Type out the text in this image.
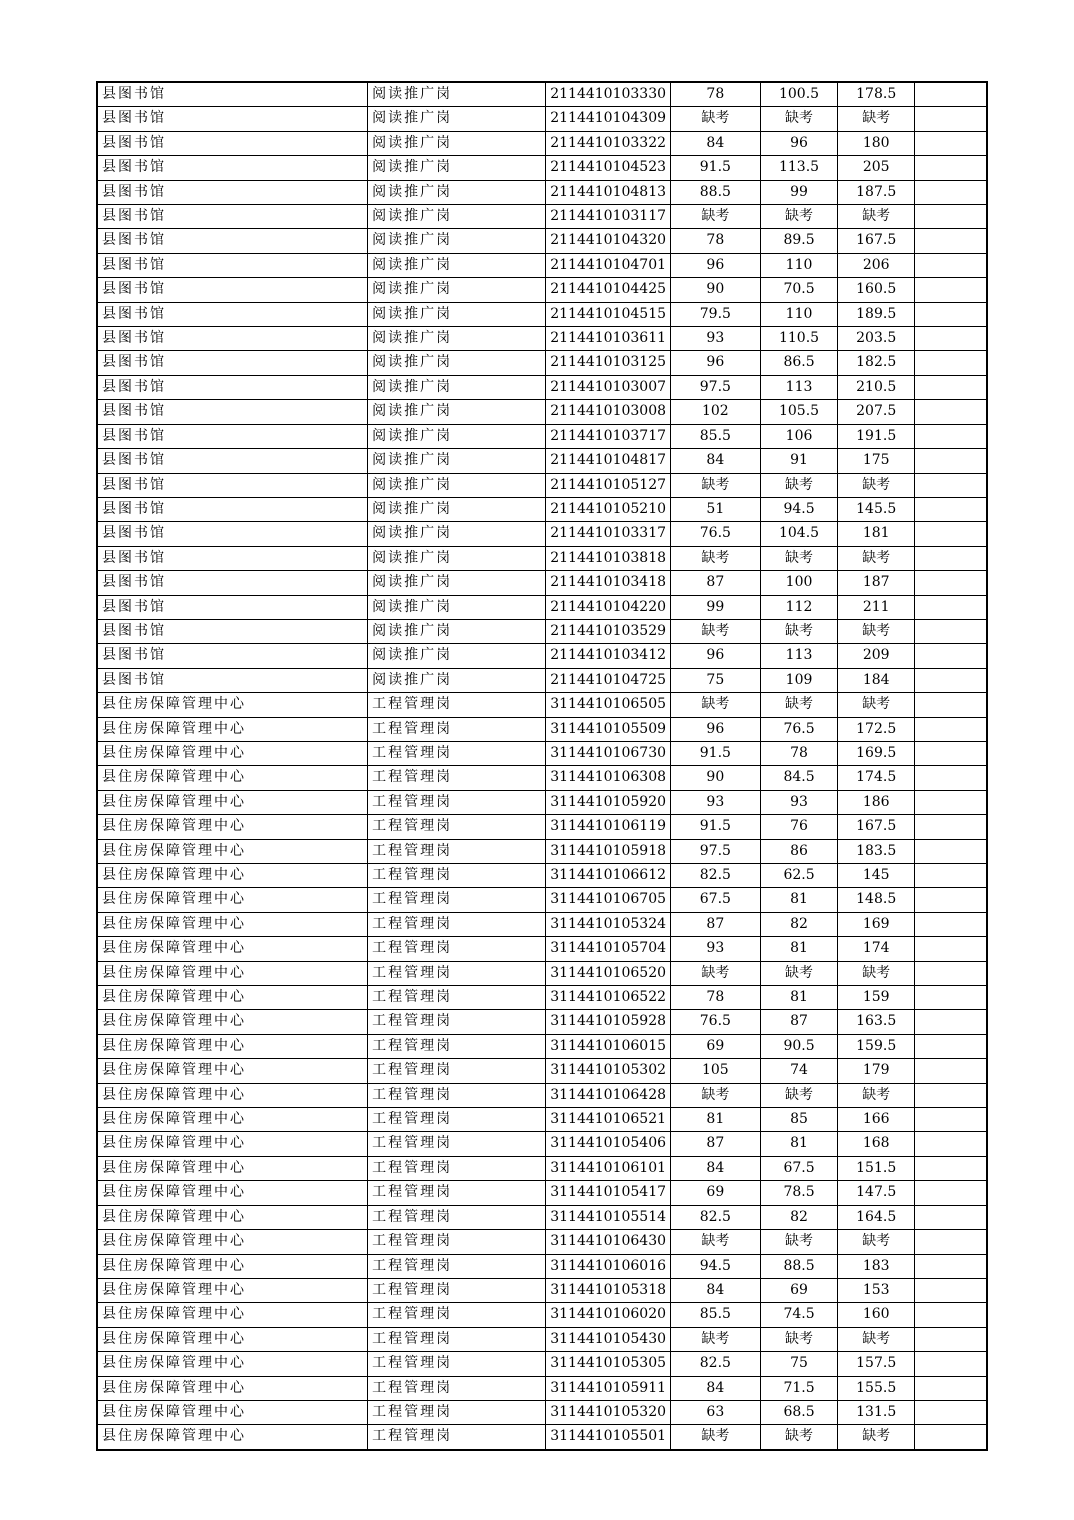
县图书馆	阅读推广岗	2114410103330	78	100.5	178.5	
县图书馆	阅读推广岗	2114410104309	缺考	缺考	缺考	
县图书馆	阅读推广岗	2114410103322	84	96	180	
县图书馆	阅读推广岗	2114410104523	91.5	113.5	205	
县图书馆	阅读推广岗	2114410104813	88.5	99	187.5	
县图书馆	阅读推广岗	2114410103117	缺考	缺考	缺考	
县图书馆	阅读推广岗	2114410104320	78	89.5	167.5	
县图书馆	阅读推广岗	2114410104701	96	110	206	
县图书馆	阅读推广岗	2114410104425	90	70.5	160.5	
县图书馆	阅读推广岗	2114410104515	79.5	110	189.5	
县图书馆	阅读推广岗	2114410103611	93	110.5	203.5	
县图书馆	阅读推广岗	2114410103125	96	86.5	182.5	
县图书馆	阅读推广岗	2114410103007	97.5	113	210.5	
县图书馆	阅读推广岗	2114410103008	102	105.5	207.5	
县图书馆	阅读推广岗	2114410103717	85.5	106	191.5	
县图书馆	阅读推广岗	2114410104817	84	91	175	
县图书馆	阅读推广岗	2114410105127	缺考	缺考	缺考	
县图书馆	阅读推广岗	2114410105210	51	94.5	145.5	
县图书馆	阅读推广岗	2114410103317	76.5	104.5	181	
县图书馆	阅读推广岗	2114410103818	缺考	缺考	缺考	
县图书馆	阅读推广岗	2114410103418	87	100	187	
县图书馆	阅读推广岗	2114410104220	99	112	211	
县图书馆	阅读推广岗	2114410103529	缺考	缺考	缺考	
县图书馆	阅读推广岗	2114410103412	96	113	209	
县图书馆	阅读推广岗	2114410104725	75	109	184	
县住房保障管理中心	工程管理岗	3114410106505	缺考	缺考	缺考	
县住房保障管理中心	工程管理岗	3114410105509	96	76.5	172.5	
县住房保障管理中心	工程管理岗	3114410106730	91.5	78	169.5	
县住房保障管理中心	工程管理岗	3114410106308	90	84.5	174.5	
县住房保障管理中心	工程管理岗	3114410105920	93	93	186	
县住房保障管理中心	工程管理岗	3114410106119	91.5	76	167.5	
县住房保障管理中心	工程管理岗	3114410105918	97.5	86	183.5	
县住房保障管理中心	工程管理岗	3114410106612	82.5	62.5	145	
县住房保障管理中心	工程管理岗	3114410106705	67.5	81	148.5	
县住房保障管理中心	工程管理岗	3114410105324	87	82	169	
县住房保障管理中心	工程管理岗	3114410105704	93	81	174	
县住房保障管理中心	工程管理岗	3114410106520	缺考	缺考	缺考	
县住房保障管理中心	工程管理岗	3114410106522	78	81	159	
县住房保障管理中心	工程管理岗	3114410105928	76.5	87	163.5	
县住房保障管理中心	工程管理岗	3114410106015	69	90.5	159.5	
县住房保障管理中心	工程管理岗	3114410105302	105	74	179	
县住房保障管理中心	工程管理岗	3114410106428	缺考	缺考	缺考	
县住房保障管理中心	工程管理岗	3114410106521	81	85	166	
县住房保障管理中心	工程管理岗	3114410105406	87	81	168	
县住房保障管理中心	工程管理岗	3114410106101	84	67.5	151.5	
县住房保障管理中心	工程管理岗	3114410105417	69	78.5	147.5	
县住房保障管理中心	工程管理岗	3114410105514	82.5	82	164.5	
县住房保障管理中心	工程管理岗	3114410106430	缺考	缺考	缺考	
县住房保障管理中心	工程管理岗	3114410106016	94.5	88.5	183	
县住房保障管理中心	工程管理岗	3114410105318	84	69	153	
县住房保障管理中心	工程管理岗	3114410106020	85.5	74.5	160	
县住房保障管理中心	工程管理岗	3114410105430	缺考	缺考	缺考	
县住房保障管理中心	工程管理岗	3114410105305	82.5	75	157.5	
县住房保障管理中心	工程管理岗	3114410105911	84	71.5	155.5	
县住房保障管理中心	工程管理岗	3114410105320	63	68.5	131.5	
县住房保障管理中心	工程管理岗	3114410105501	缺考	缺考	缺考	
